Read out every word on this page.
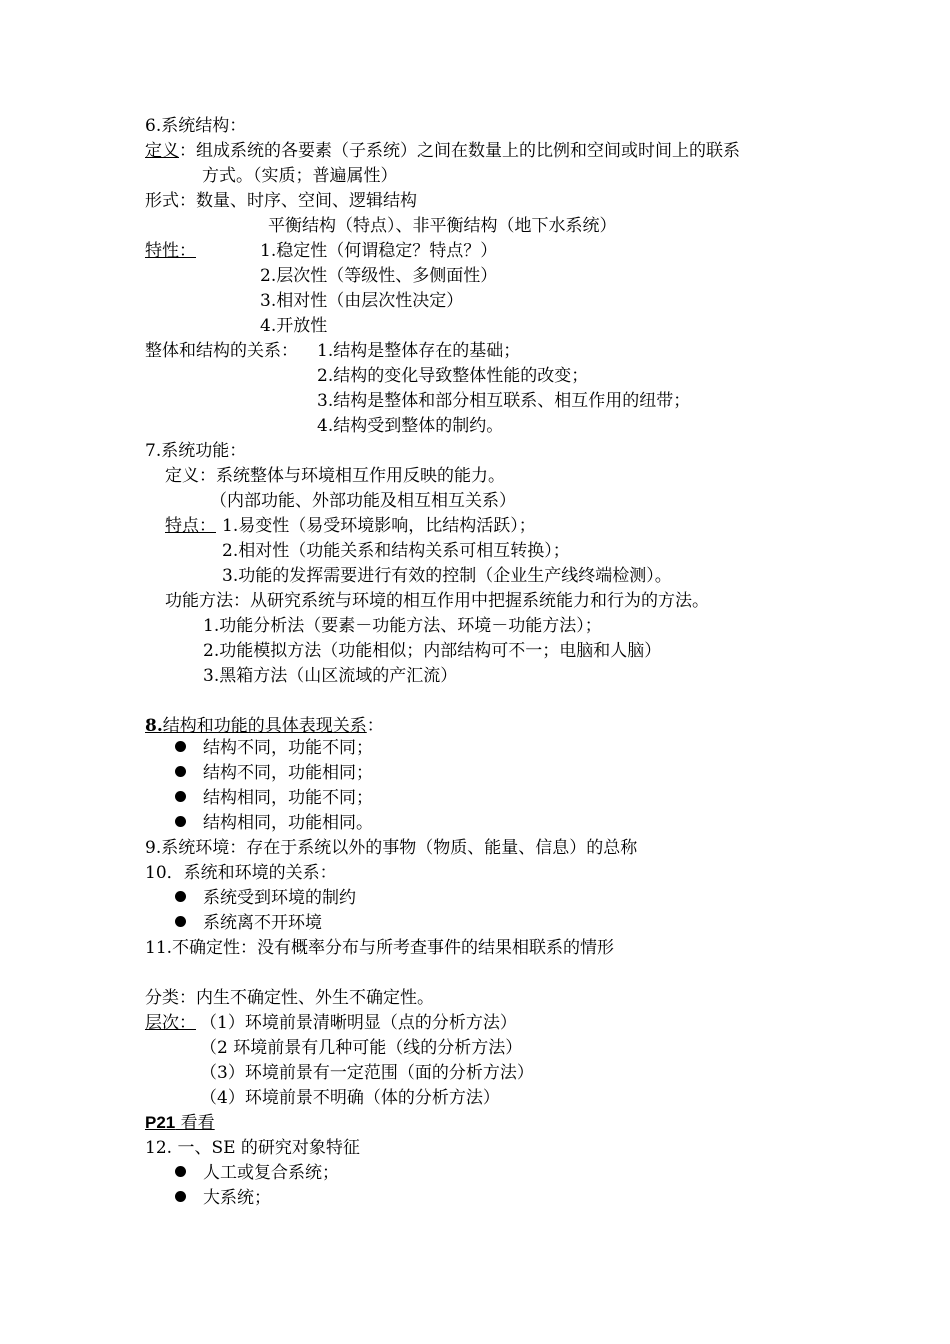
6.系统结构：
定义：组成系统的各要素（子系统）之间在数量上的比例和空间或时间上的联系
方式。（实质；普遍属性）
形式：数量、时序、空间、逻辑结构
平衡结构（特点）、非平衡结构（地下水系统）
特性：	1.稳定性（何谓稳定？特点？）
2.层次性（等级性、多侧面性）
3.相对性（由层次性决定）
4.开放性
整体和结构的关系： 1.结构是整体存在的基础；
2.结构的变化导致整体性能的改变；
3.结构是整体和部分相互联系、相互作用的纽带；
4.结构受到整体的制约。
7.系统功能：
定义：系统整体与环境相互作用反映的能力。
（内部功能、外部功能及相互相互关系）
特点： 1.易变性（易受环境影响，比结构活跃）；
2.相对性（功能关系和结构关系可相互转换）；
3.功能的发挥需要进行有效的控制（企业生产线终端检测）。
功能方法：从研究系统与环境的相互作用中把握系统能力和行为的方法。
1.功能分析法（要素－功能方法、环境－功能方法）；
2.功能模拟方法（功能相似；内部结构可不一；电脑和人脑）
3.黑箱方法（山区流域的产汇流）
8.结构和功能的具体表现关系：
结构不同，功能不同；
结构不同，功能相同；
结构相同，功能不同；
结构相同，功能相同。
9.系统环境：存在于系统以外的事物（物质、能量、信息）的总称
10．系统和环境的关系：
系统受到环境的制约
系统离不开环境
11.不确定性：没有概率分布与所考查事件的结果相联系的情形
分类：内生不确定性、外生不确定性。
层次： （1）环境前景清晰明显（点的分析方法）
（2 环境前景有几种可能（线的分析方法）
（3）环境前景有一定范围（面的分析方法）
（4）环境前景不明确（体的分析方法）
P21 看看
12. 一、SE 的研究对象特征
人工或复合系统；
大系统；
